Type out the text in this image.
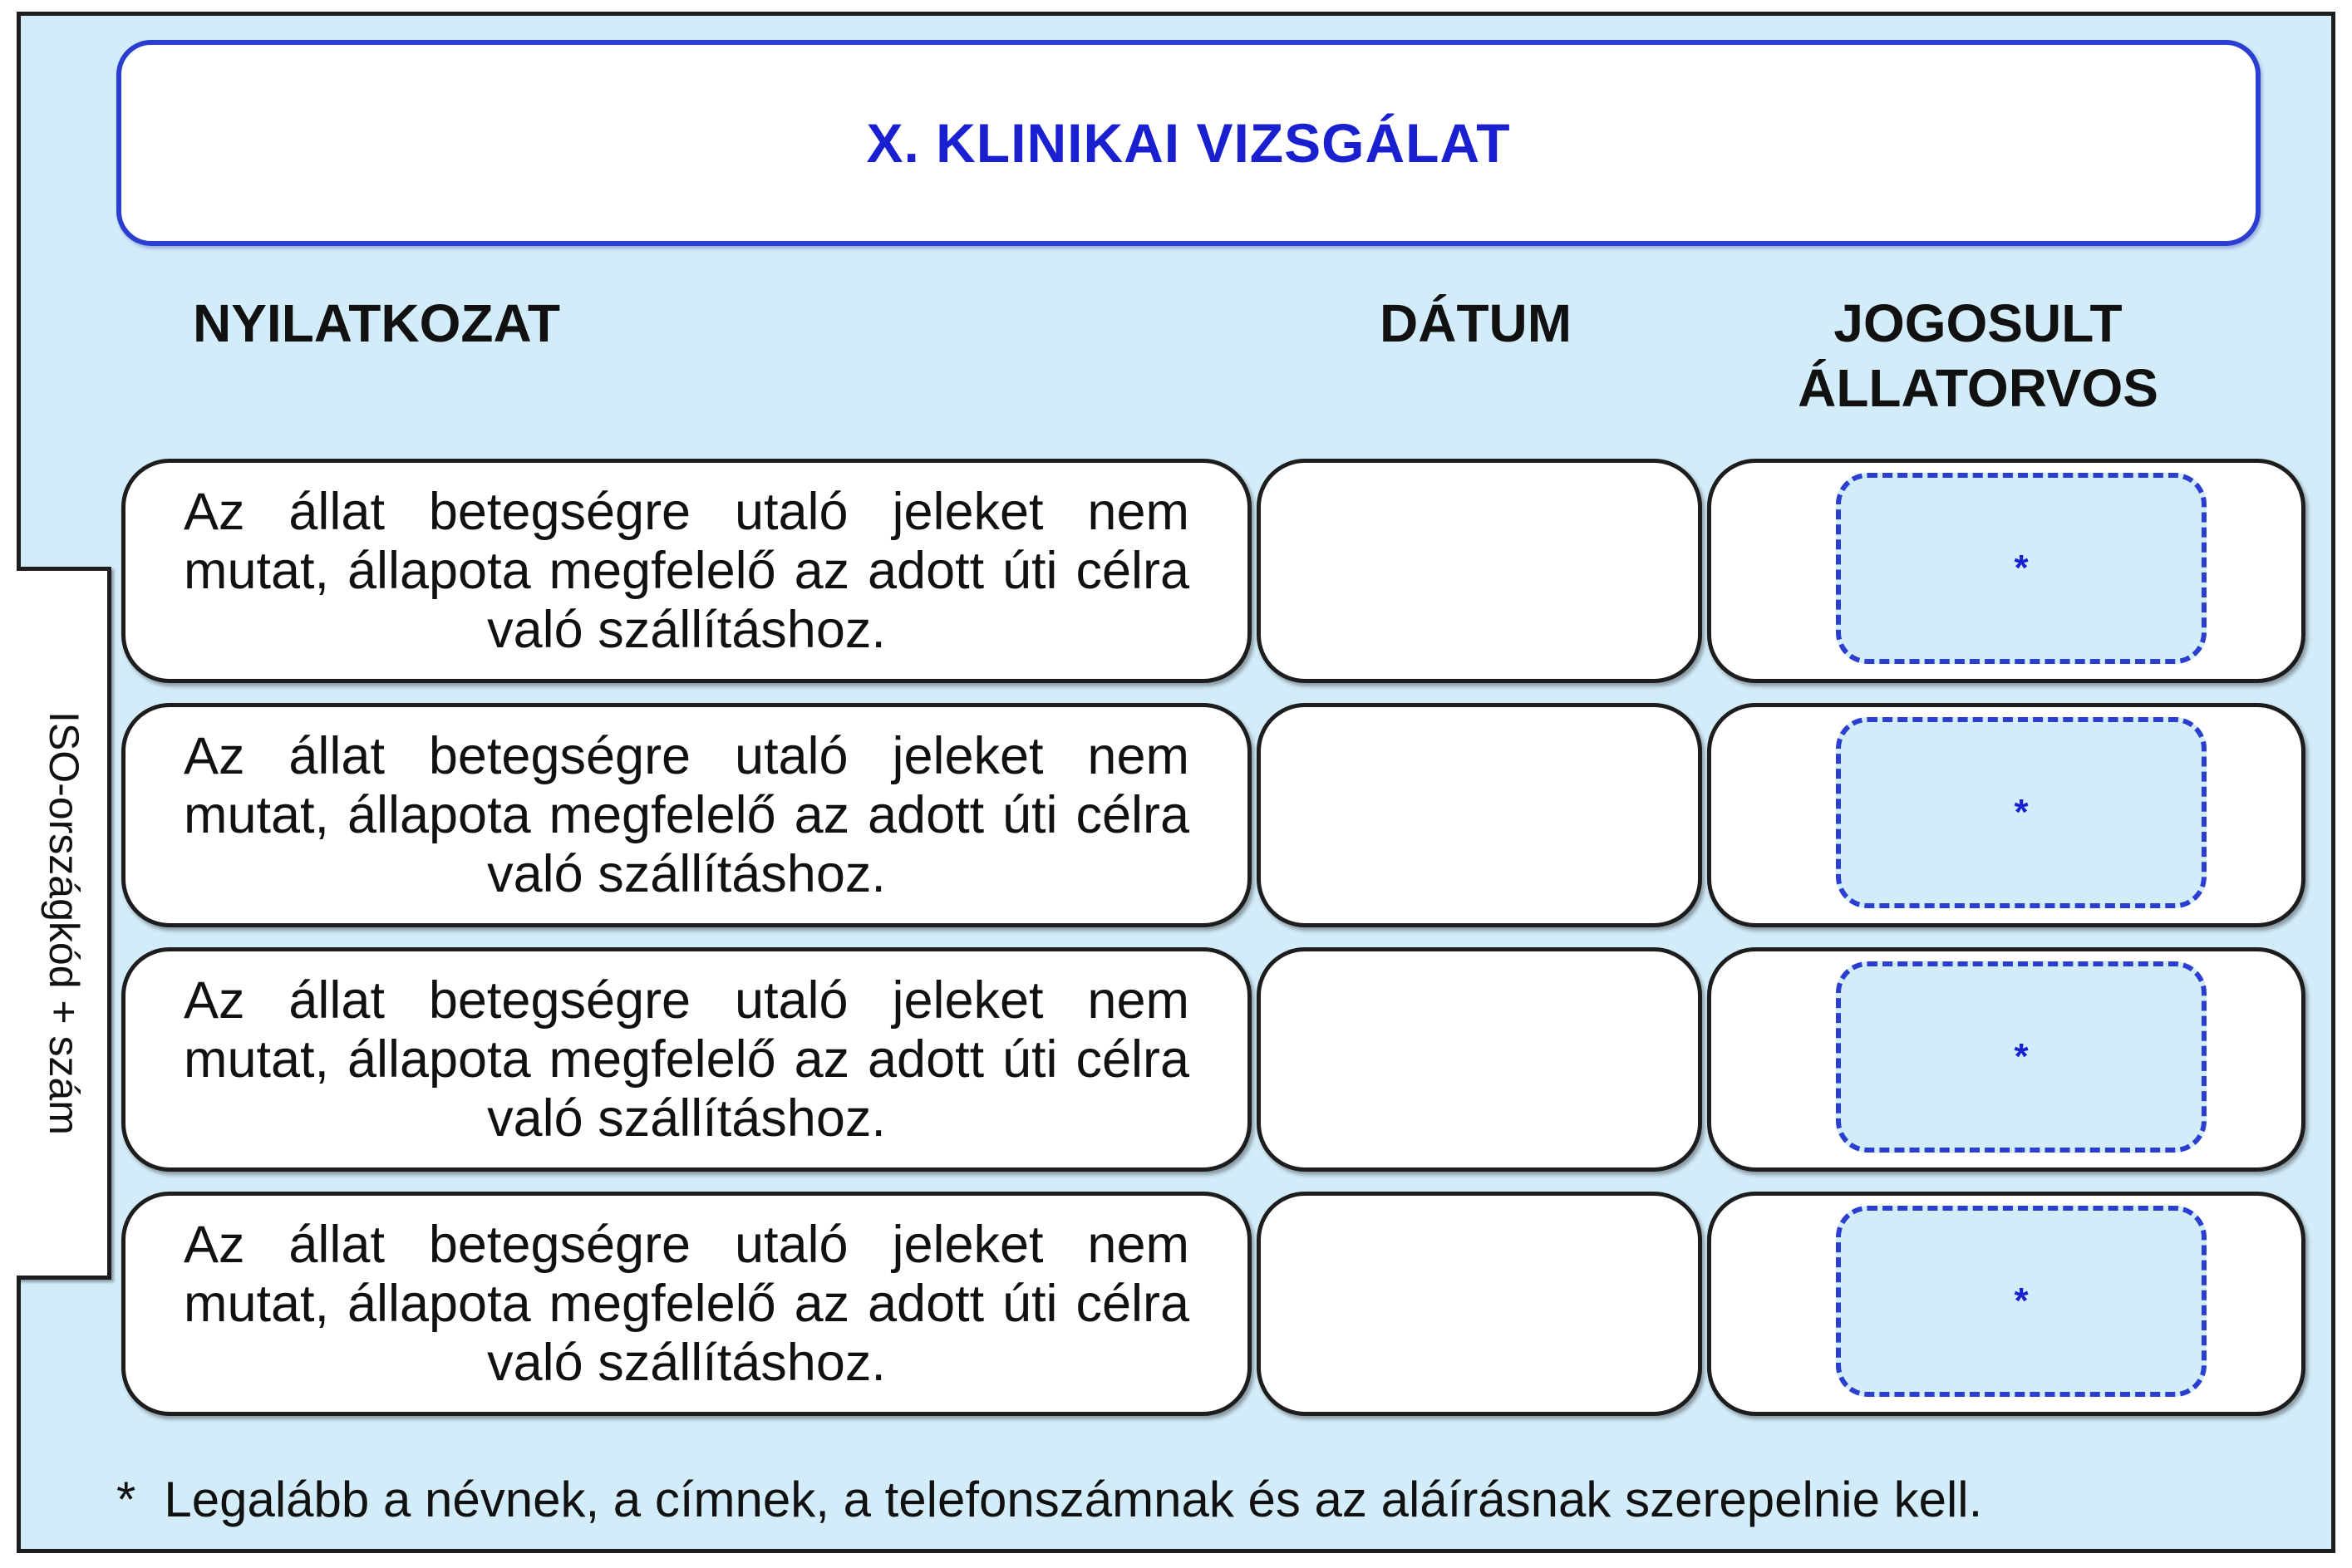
X. KLINIKAI VIZSGÁLAT
NYILATKOZAT	DÁTUM	JOGOSULT
ÁLLATORVOS
ISO-országkód + szám
Az állat betegségre utaló jeleket nem mutat, állapota megfelelő az adott úti célra való szállításhoz.
*
Az állat betegségre utaló jeleket nem mutat, állapota megfelelő az adott úti célra való szállításhoz.
*
Az állat betegségre utaló jeleket nem mutat, állapota megfelelő az adott úti célra való szállításhoz.
*
Az állat betegségre utaló jeleket nem mutat, állapota megfelelő az adott úti célra való szállításhoz.
*
* Legalább a névnek, a címnek, a telefonszámnak és az aláírásnak szerepelnie kell.
